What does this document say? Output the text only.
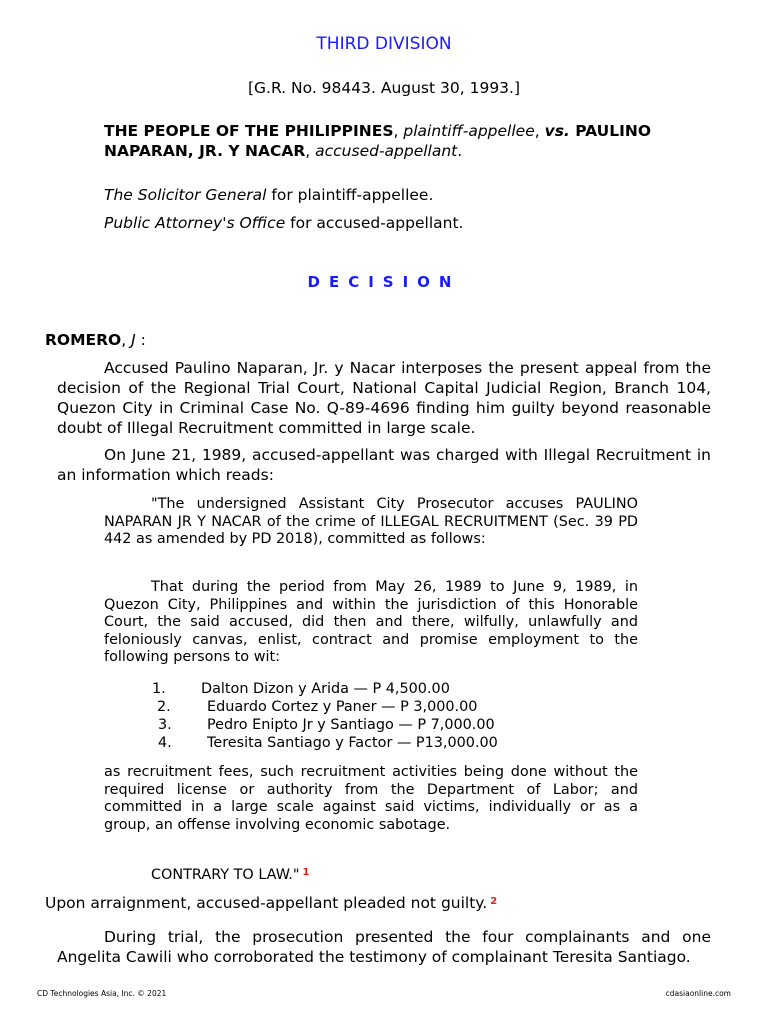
THIRD DIVISION
[G.R. No. 98443. August 30, 1993.]
THE PEOPLE OF THE PHILIPPINES, plaintiff-appellee, vs. PAULINO NAPARAN, JR. Y NACAR, accused-appellant.
The Solicitor General for plaintiff-appellee.
Public Attorney's Office for accused-appellant.
DECISION
ROMERO, J :
Accused Paulino Naparan, Jr. y Nacar interposes the present appeal from the decision of the Regional Trial Court, National Capital Judicial Region, Branch 104, Quezon City in Criminal Case No. Q-89-4696 finding him guilty beyond reasonable doubt of Illegal Recruitment committed in large scale.
On June 21, 1989, accused-appellant was charged with Illegal Recruitment in an information which reads:
"The undersigned Assistant City Prosecutor accuses PAULINO NAPARAN JR Y NACAR of the crime of ILLEGAL RECRUITMENT (Sec. 39 PD 442 as amended by PD 2018), committed as follows:
That during the period from May 26, 1989 to June 9, 1989, in Quezon City, Philippines and within the jurisdiction of this Honorable Court, the said accused, did then and there, wilfully, unlawfully and feloniously canvas, enlist, contract and promise employment to the following persons to wit:
1. Dalton Dizon y Arida — P 4,500.00
2.	Eduardo Cortez y Paner — P 3,000.00
3. Pedro Enipto Jr y Santiago — P 7,000.00
4. Teresita Santiago y Factor — P13,000.00
as recruitment fees, such recruitment activities being done without the required license or authority from the Department of Labor; and committed in a large scale against said victims, individually or as a group, an offense involving economic sabotage.
CONTRARY TO LAW." $^1$
Upon arraignment, accused-appellant pleaded not guilty. $^2$
During trial, the prosecution presented the four complainants and one Angelita Cawili who corroborated the testimony of complainant Teresita Santiago.
CD Technologies Asia, Inc. © 2021	cdasiaonline.com
